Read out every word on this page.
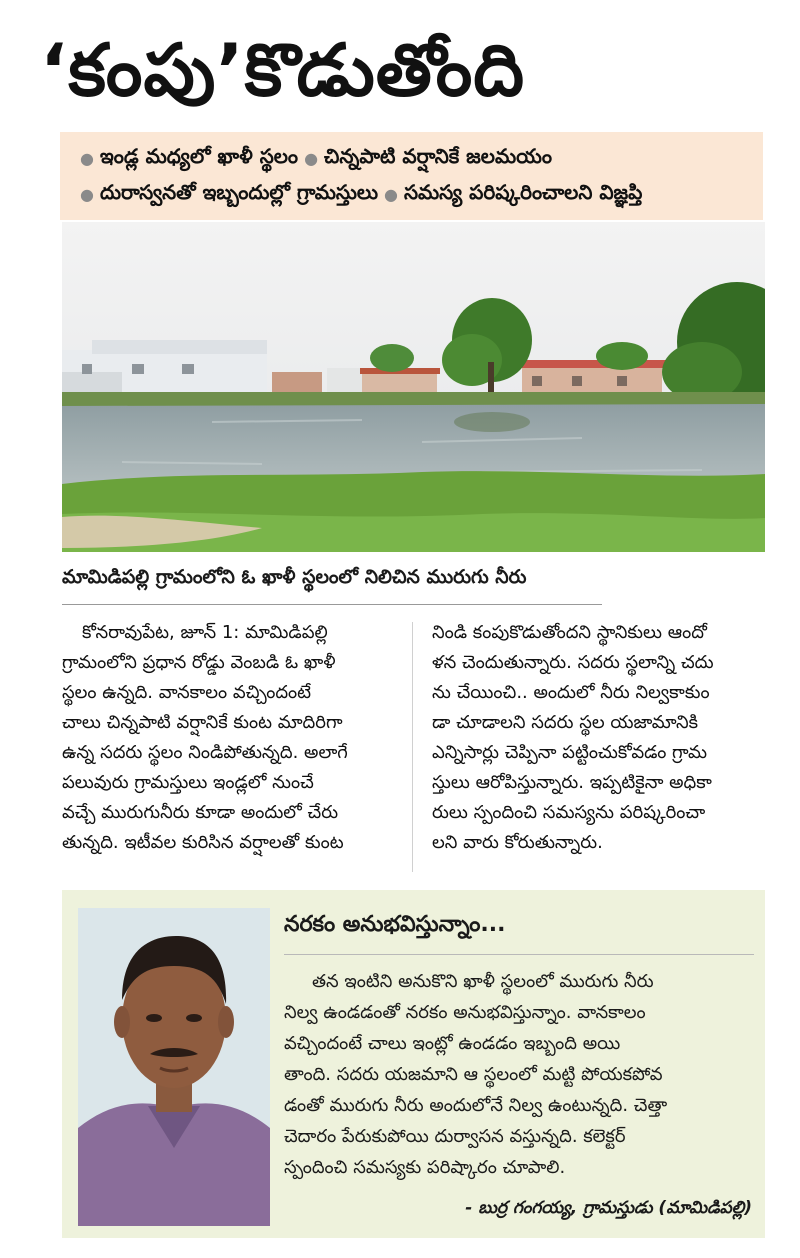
‘కంపు’కొడుతోంది
● ఇండ్ల మధ్యలో ఖాళీ స్థలం ● చిన్నపాటి వర్షానికే జలమయం
● దురాస్వనతో ఇబ్బందుల్లో గ్రామస్తులు ● సమస్య పరిష్కరించాలని విజ్ఞప్తి
మామిడిపల్లి గ్రామంలోని ఓ ఖాళీ స్థలంలో నిలిచిన మురుగు నీరు
కోనరావుపేట, జూన్ 1: మామిడిపల్లి
గ్రామంలోని ప్రధాన రోడ్డు వెంబడి ఓ ఖాళీ
స్థలం ఉన్నది. వానకాలం వచ్చిందంటే
చాలు చిన్నపాటి వర్షానికే కుంట మాదిరిగా
ఉన్న సదరు స్థలం నిండిపోతున్నది. అలాగే
పలువురు గ్రామస్తులు ఇండ్లలో నుంచే
వచ్చే మురుగునీరు కూడా అందులో చేరు
తున్నది. ఇటీవల కురిసిన వర్షాలతో కుంట
నిండి కంపుకొడుతోందని స్థానికులు ఆందో
ళన చెందుతున్నారు. సదరు స్థలాన్ని చదు
ను చేయించి.. అందులో నీరు నిల్వకాకుం
డా చూడాలని సదరు స్థల యజామానికి
ఎన్నిసార్లు చెప్పినా పట్టించుకోవడం గ్రామ
స్తులు ఆరోపిస్తున్నారు. ఇప్పటికైనా అధికా
రులు స్పందించి సమస్యను పరిష్కరించా
లని వారు కోరుతున్నారు.
నరకం అనుభవిస్తున్నాం...
తన ఇంటిని అనుకొని ఖాళీ స్థలంలో మురుగు నీరు
నిల్వ ఉండడంతో నరకం అనుభవిస్తున్నాం. వానకాలం
వచ్చిందంటే చాలు ఇంట్లో ఉండడం ఇబ్బంది అయి
తాంది. సదరు యజమాని ఆ స్థలంలో మట్టి పోయకపోవ
డంతో మురుగు నీరు అందులోనే నిల్వ ఉంటున్నది. చెత్తా
చెదారం పేరుకుపోయి దుర్వాసన వస్తున్నది. కలెక్టర్
స్పందించి సమస్యకు పరిష్కారం చూపాలి.
- బుర్ర గంగయ్య, గ్రామస్తుడు (మామిడిపల్లి)
